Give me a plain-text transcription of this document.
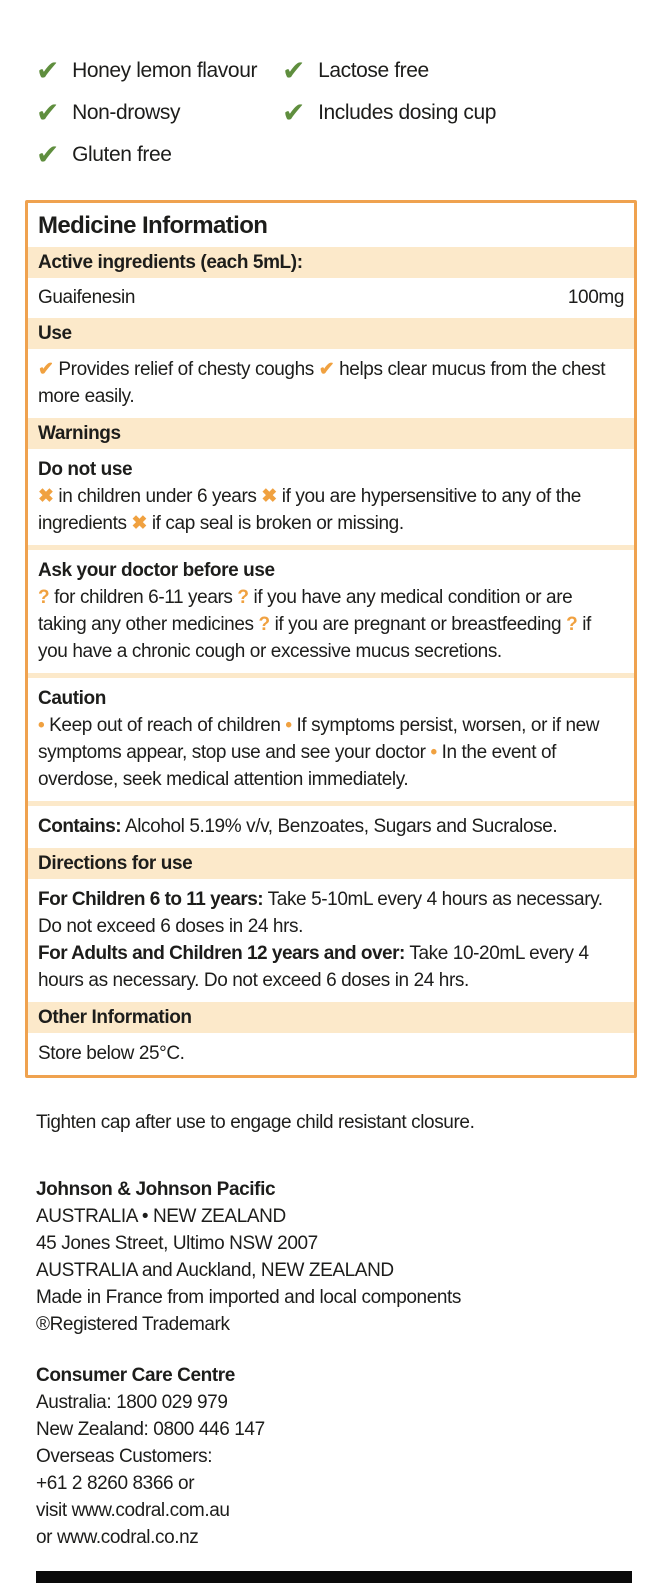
✔ Honey lemon flavour
✔ Non-drowsy
✔ Gluten free
✔ Lactose free
✔ Includes dosing cup
Medicine Information
Active ingredients (each 5mL):
Guaifenesin	100mg
Use
✔ Provides relief of chesty coughs ✔ helps clear mucus from the chest more easily.
Warnings
Do not use
✖ in children under 6 years ✖ if you are hypersensitive to any of the ingredients ✖ if cap seal is broken or missing.
Ask your doctor before use
? for children 6-11 years ? if you have any medical condition or are taking any other medicines ? if you are pregnant or breastfeeding ? if you have a chronic cough or excessive mucus secretions.
Caution
• Keep out of reach of children • If symptoms persist, worsen, or if new symptoms appear, stop use and see your doctor • In the event of overdose, seek medical attention immediately.
Contains: Alcohol 5.19% v/v, Benzoates, Sugars and Sucralose.
Directions for use
For Children 6 to 11 years: Take 5-10mL every 4 hours as necessary. Do not exceed 6 doses in 24 hrs.
For Adults and Children 12 years and over: Take 10-20mL every 4 hours as necessary. Do not exceed 6 doses in 24 hrs.
Other Information
Store below 25°C.

Tighten cap after use to engage child resistant closure.

Johnson & Johnson Pacific
AUSTRALIA • NEW ZEALAND
45 Jones Street, Ultimo NSW 2007
AUSTRALIA and Auckland, NEW ZEALAND
Made in France from imported and local components
®Registered Trademark
Consumer Care Centre
Australia: 1800 029 979
New Zealand: 0800 446 147
Overseas Customers:
+61 2 8260 8366 or
visit www.codral.com.au
or www.codral.co.nz
